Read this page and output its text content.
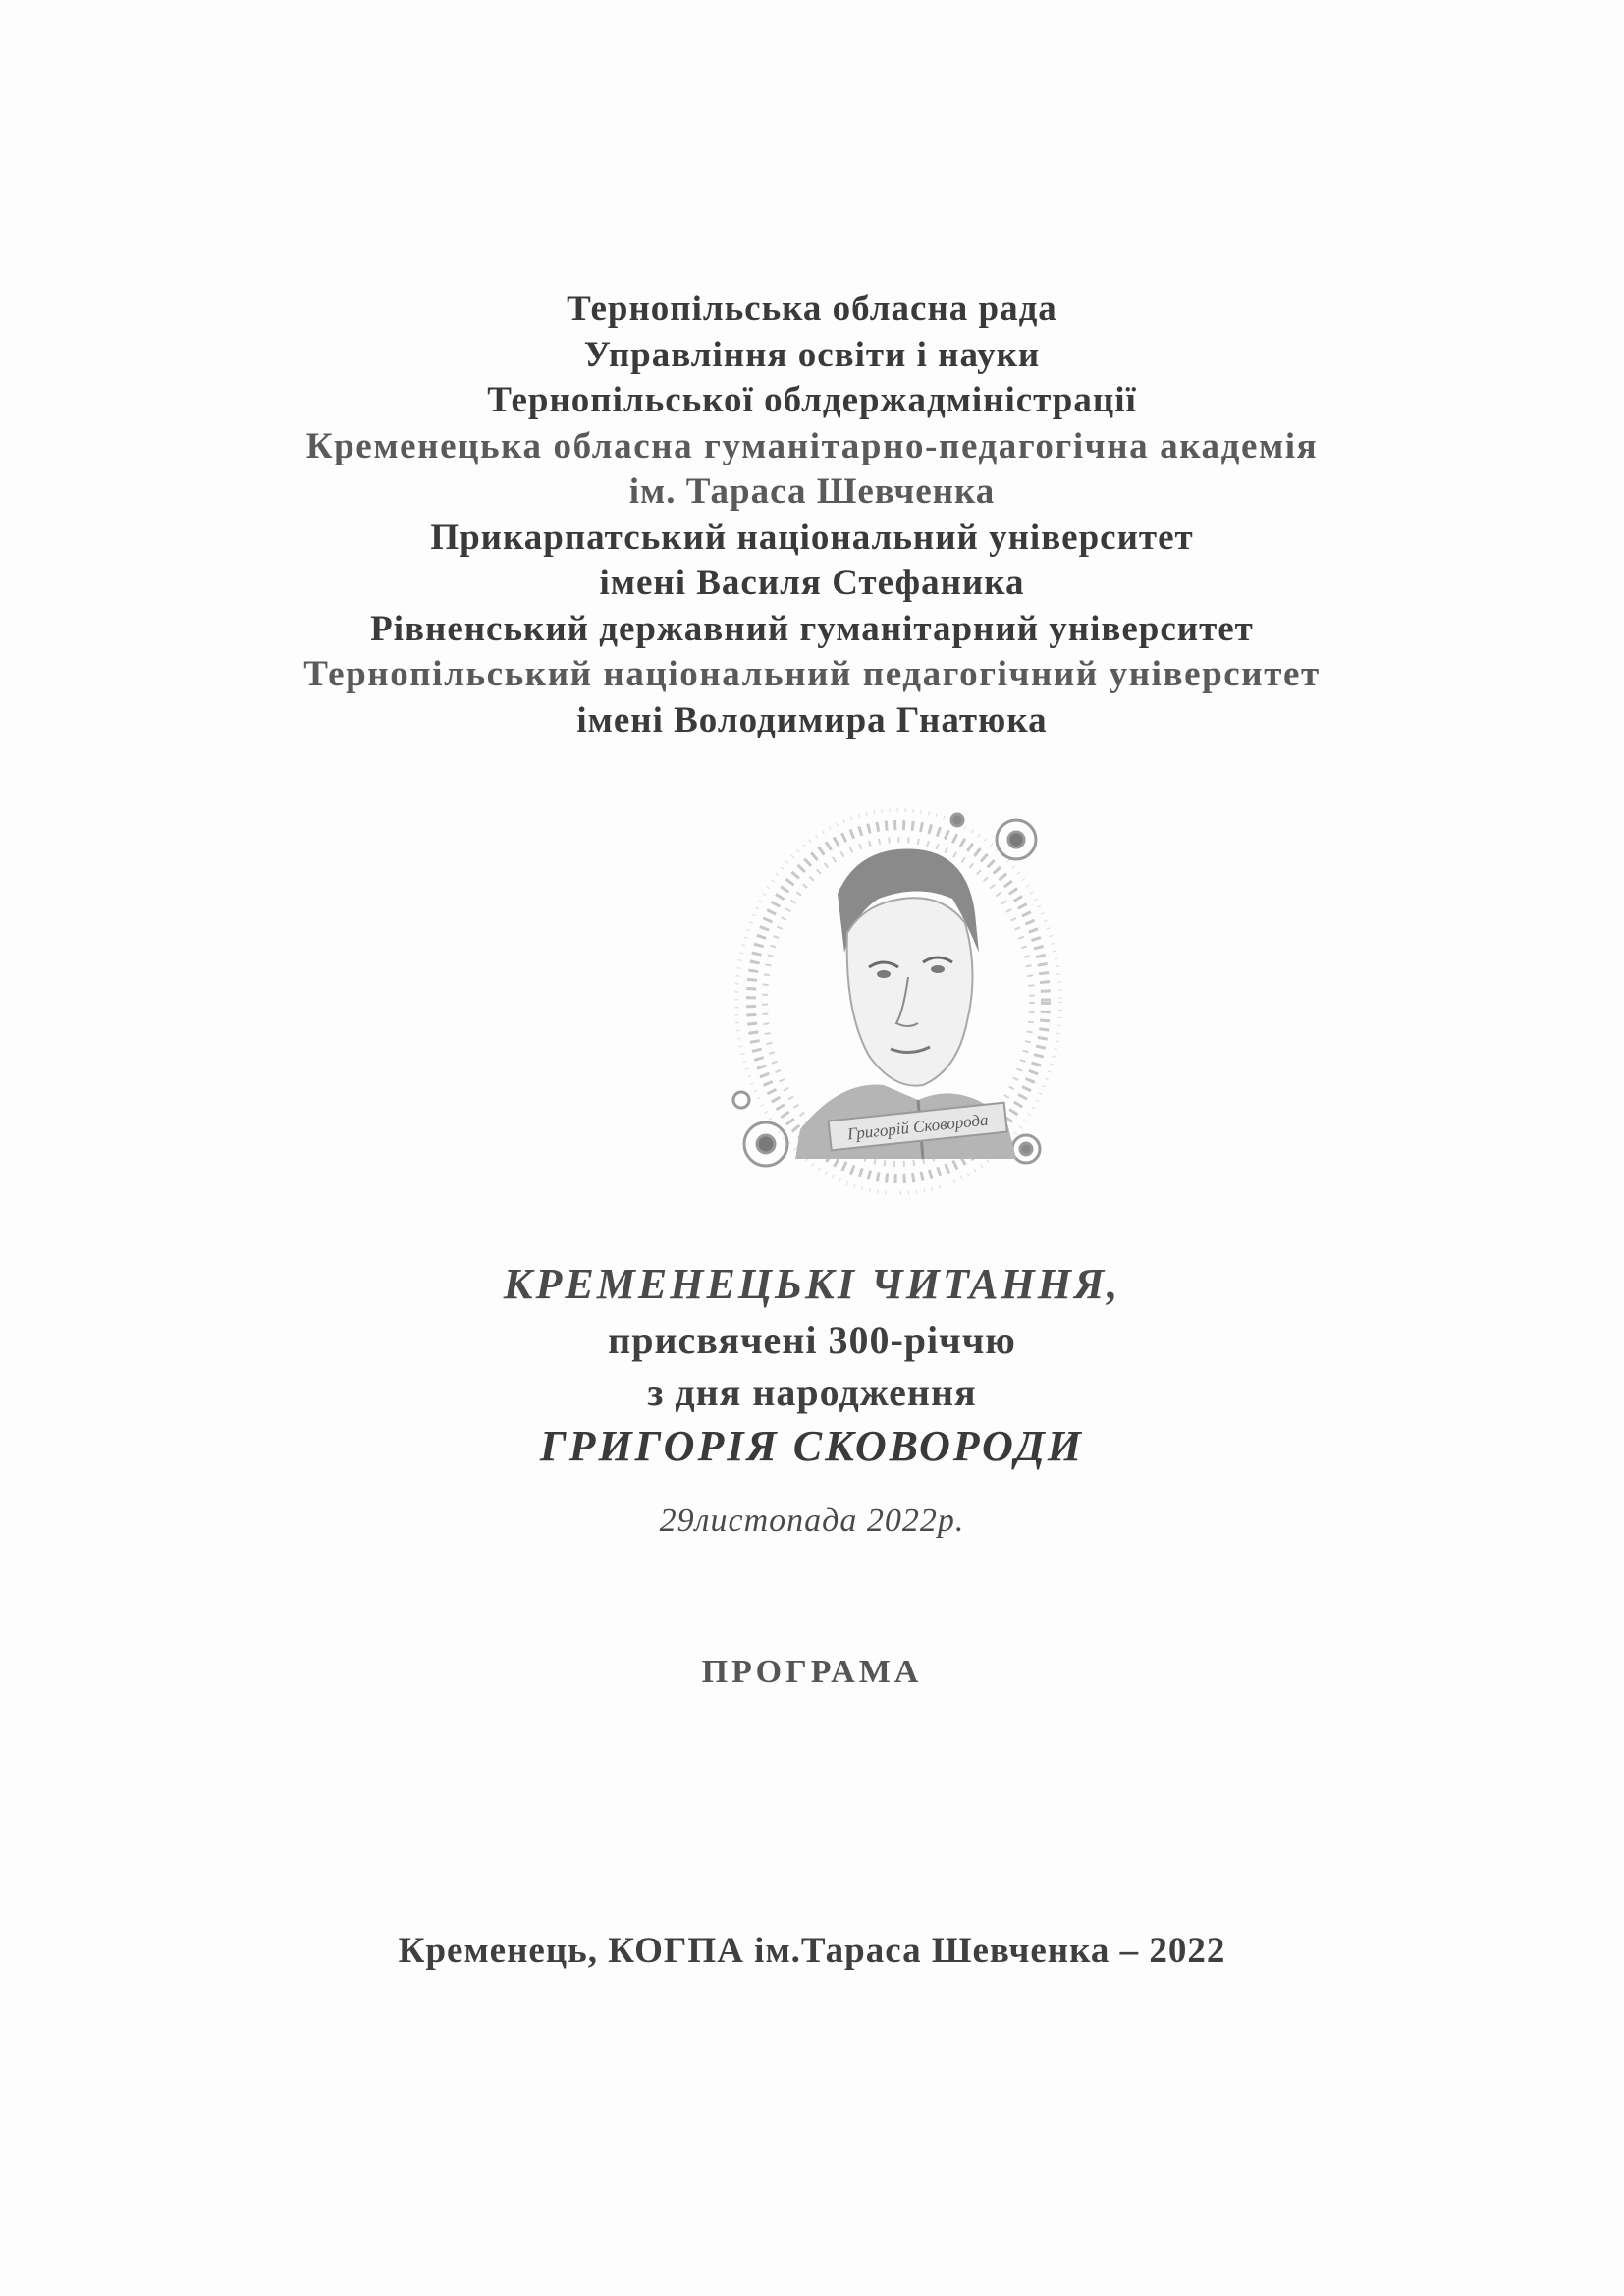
Тернопільська обласна рада
Управління освіти і науки
Тернопільської облдержадміністрації
Кременецька обласна гуманітарно-педагогічна академія
ім. Тараса Шевченка
Прикарпатський національний університет
імені Василя Стефаника
Рівненський державний гуманітарний університет
Тернопільський національний педагогічний університет
імені Володимира Гнатюка
Григорій Сковорода
КРЕМЕНЕЦЬКІ ЧИТАННЯ,
присвячені 300-річчю
з дня народження
ГРИГОРІЯ СКОВОРОДИ
29листопада 2022р.
ПРОГРАМА
Кременець, КОГПА ім.Тараса Шевченка – 2022
